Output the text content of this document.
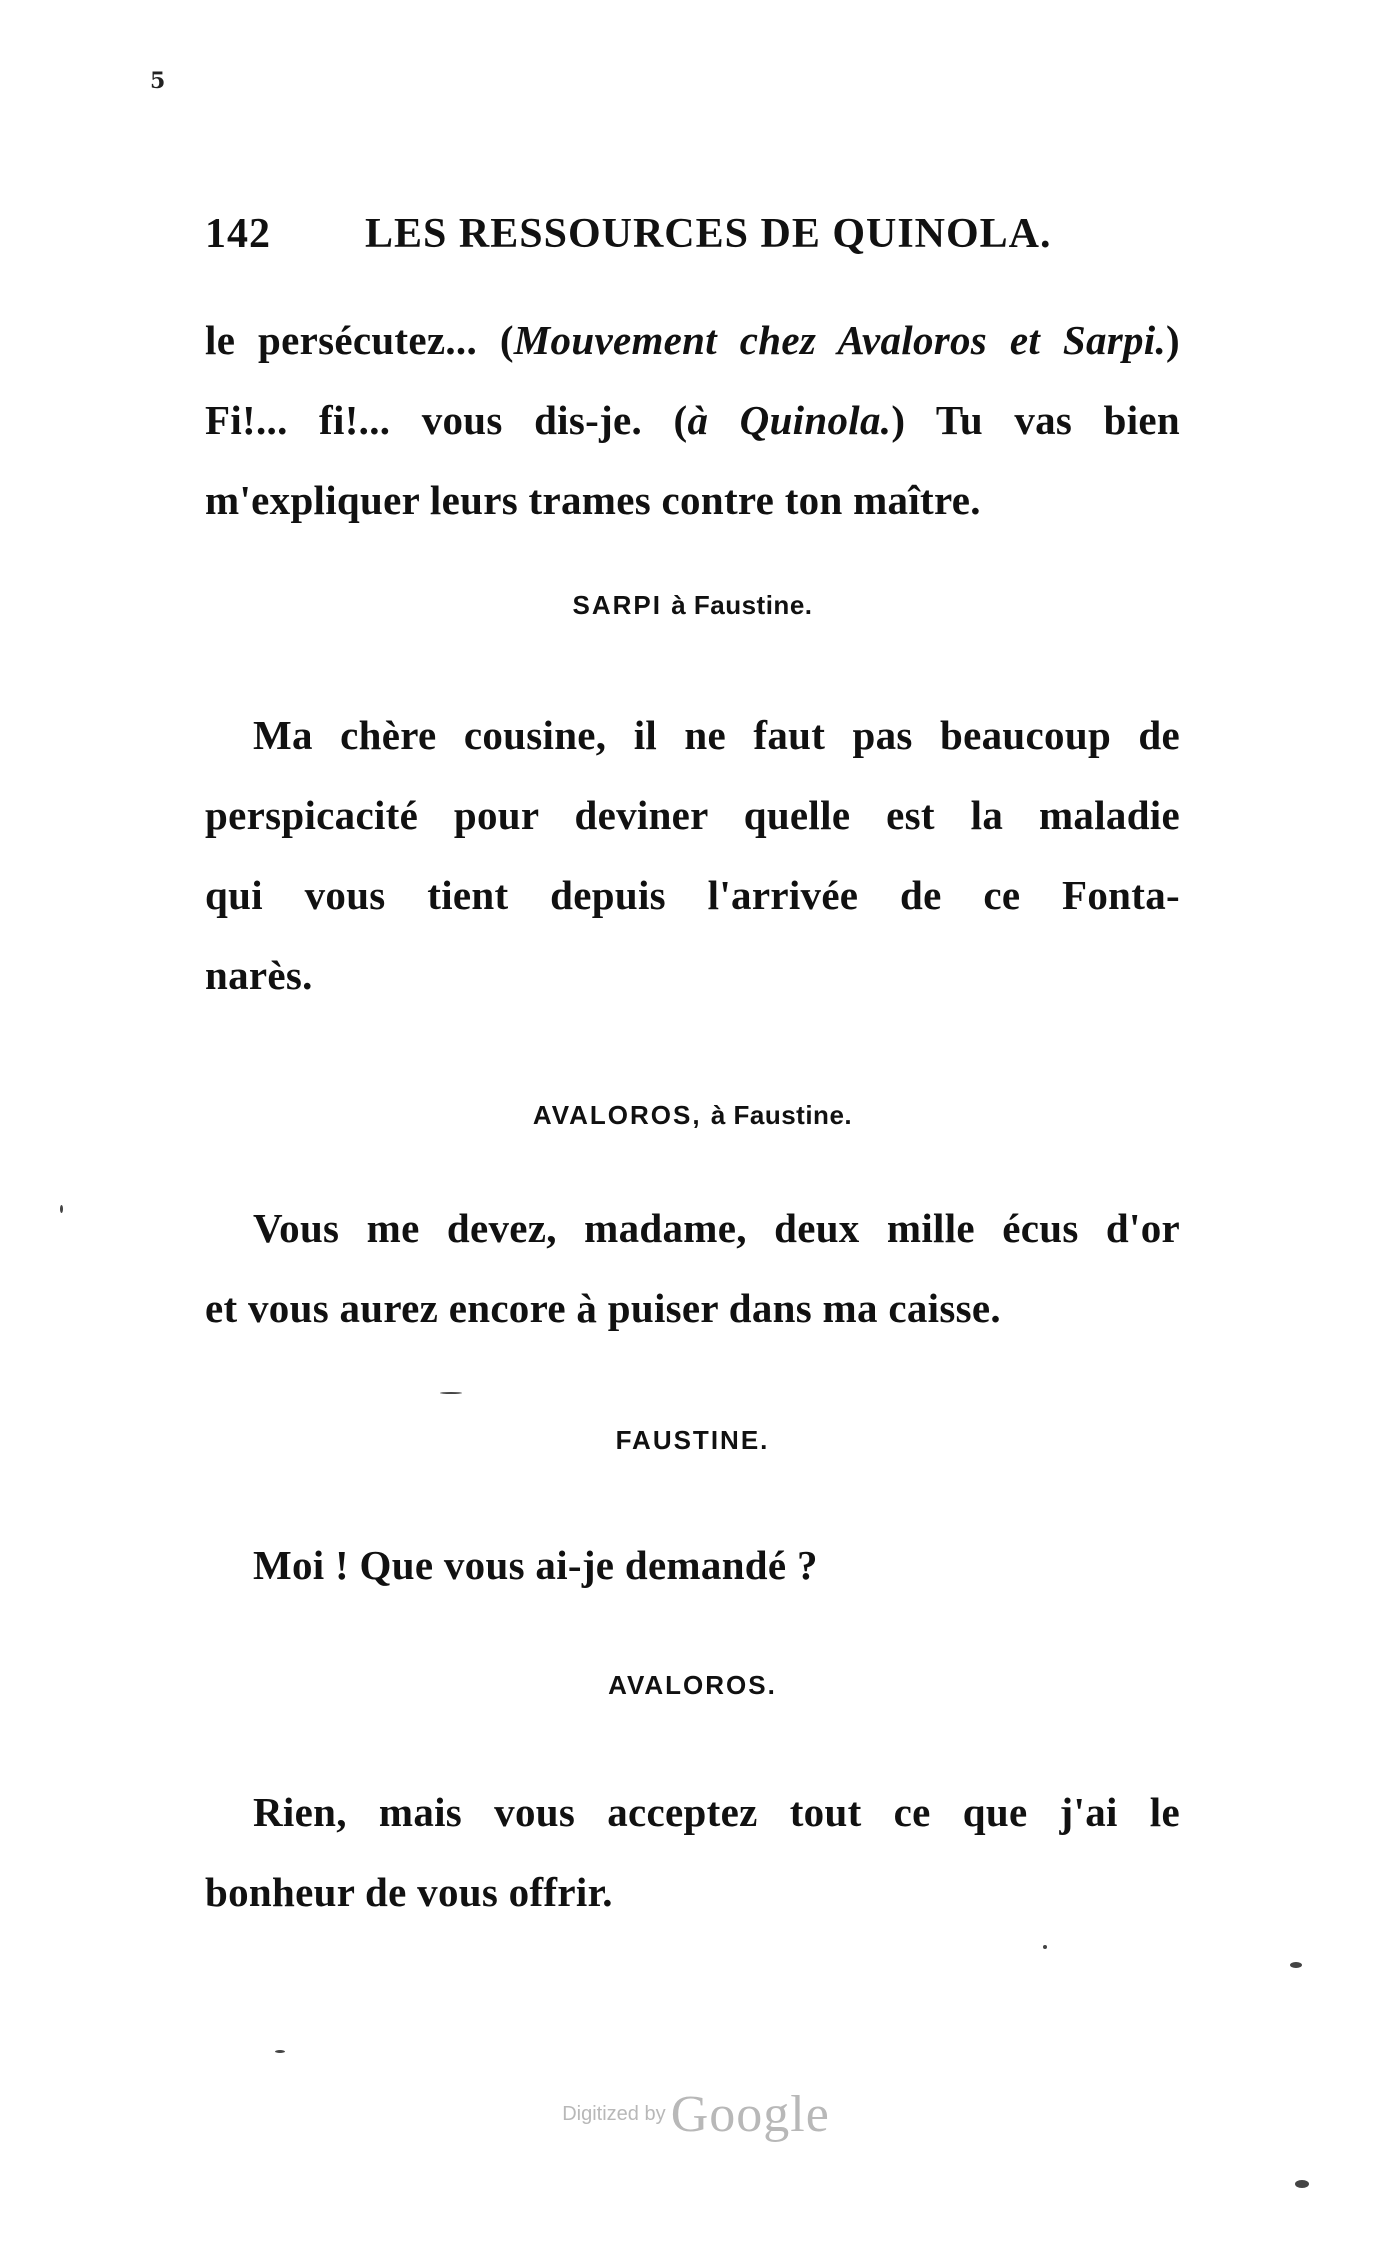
5
142 LES RESSOURCES DE QUINOLA.
le persécutez... (Mouvement chez Avaloros et Sarpi.)
Fi!... fi!... vous dis-je. (à Quinola.) Tu vas bien
m'expliquer leurs trames contre ton maître.
SARPI à Faustine.
Ma chère cousine, il ne faut pas beaucoup de
perspicacité pour deviner quelle est la maladie
qui vous tient depuis l'arrivée de ce Fonta-
narès.
AVALOROS, à Faustine.
Vous me devez, madame, deux mille écus d'or
et vous aurez encore à puiser dans ma caisse.
FAUSTINE.
Moi ! Que vous ai-je demandé ?
AVALOROS.
Rien, mais vous acceptez tout ce que j'ai le
bonheur de vous offrir.
Digitized by Google
